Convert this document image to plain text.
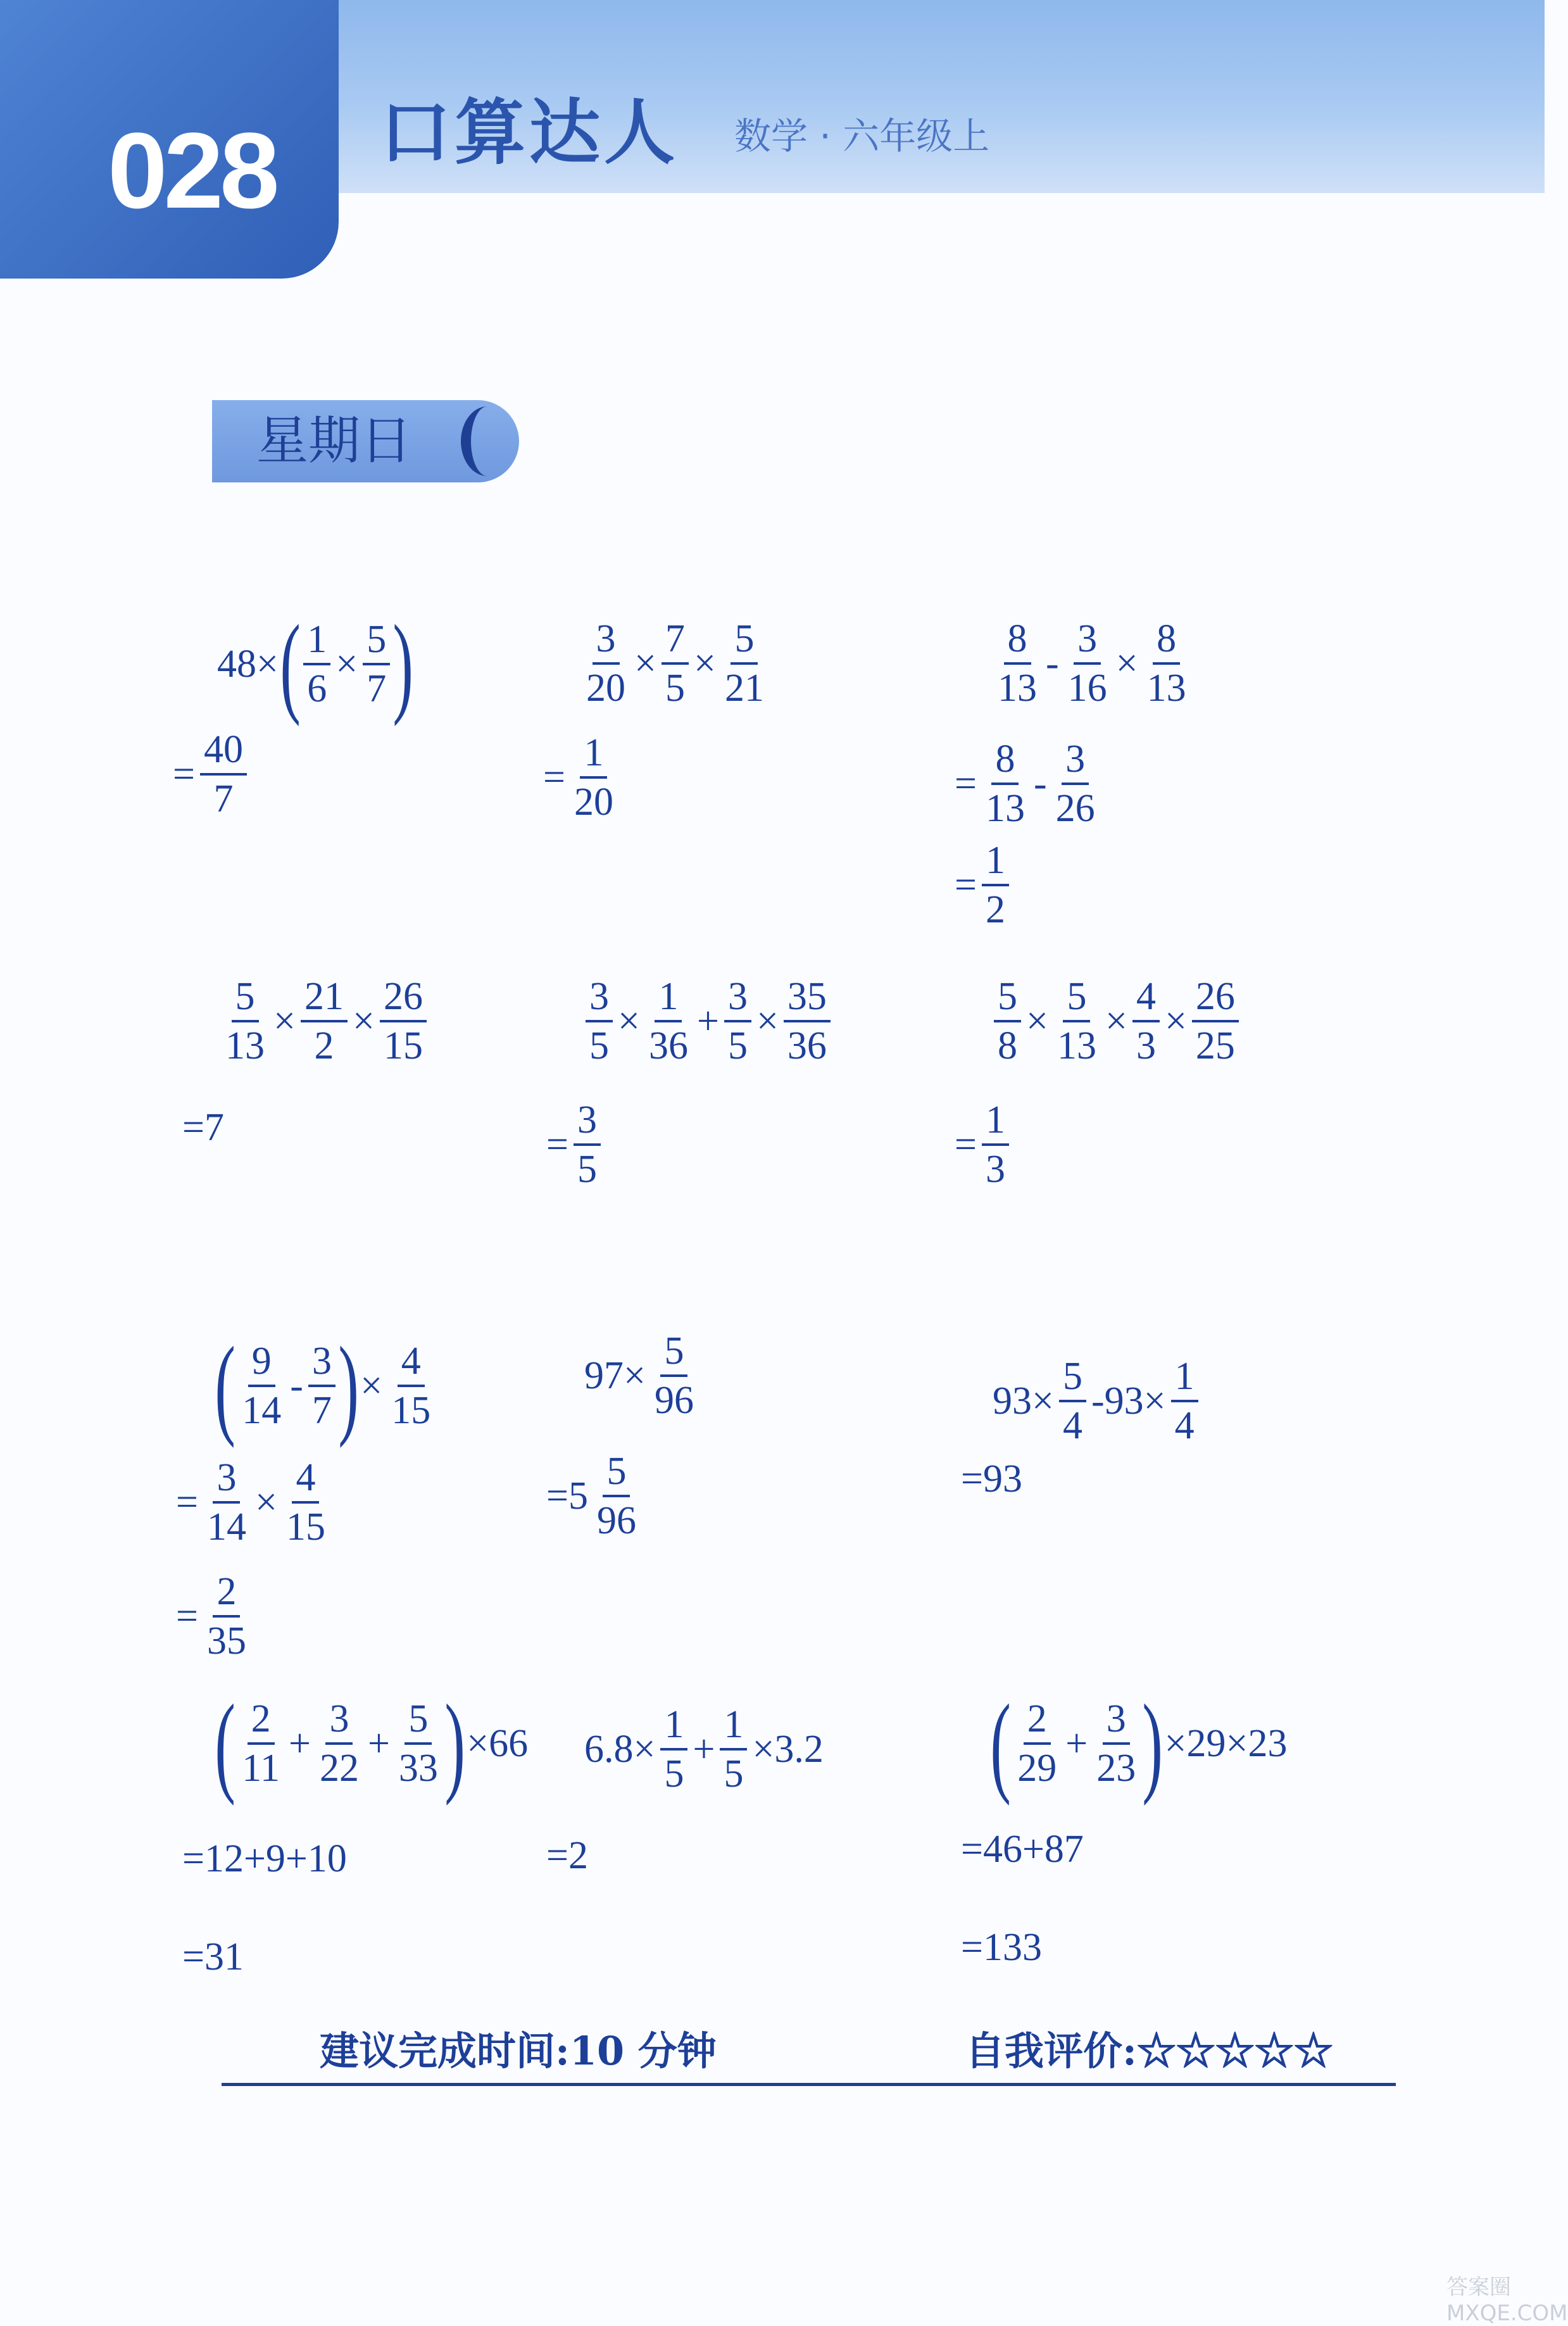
028	口算达人 数学 · 六年级上
星期日
48× ( $\frac{1}{6} \times \frac{5}{7}$ )
= $\frac{40}{7}$
$\frac{3}{20} \times \frac{7}{5} \times \frac{5}{21}$
= $\frac{1}{20}$
$\frac{8}{13} - \frac{3}{16} \times \frac{8}{13}$
= $\frac{8}{13} - \frac{3}{26}$
= $\frac{1}{2}$
$\frac{5}{13} \times \frac{21}{2} \times \frac{26}{15}$
=7
$\frac{3}{5} \times \frac{1}{36} + \frac{3}{5} \times \frac{35}{36}$
= $\frac{3}{5}$
$\frac{5}{8} \times \frac{5}{13} \times \frac{4}{3} \times \frac{26}{25}$
= $\frac{1}{3}$
( $\frac{9}{14} - \frac{3}{7}$ ) × $\frac{4}{15}$
= $\frac{3}{14} \times \frac{4}{15}$
= $\frac{2}{35}$
$97\times \frac{5}{96}$
$=5 \frac{5}{96}$
$93\times \frac{5}{4} -93\times \frac{1}{4}$
=93
( $\frac{2}{11} + \frac{3}{22} + \frac{5}{33}$ ) ×66
=12+9+10
=31
$6.8\times \frac{1}{5} + \frac{1}{5} \times 3.2$
=2
( $\frac{2}{29} + \frac{3}{23}$ ) ×29×23
=46+87
=133
建议完成时间:10 分钟	自我评价:☆☆☆☆☆
答案圈 MXQE.COM
